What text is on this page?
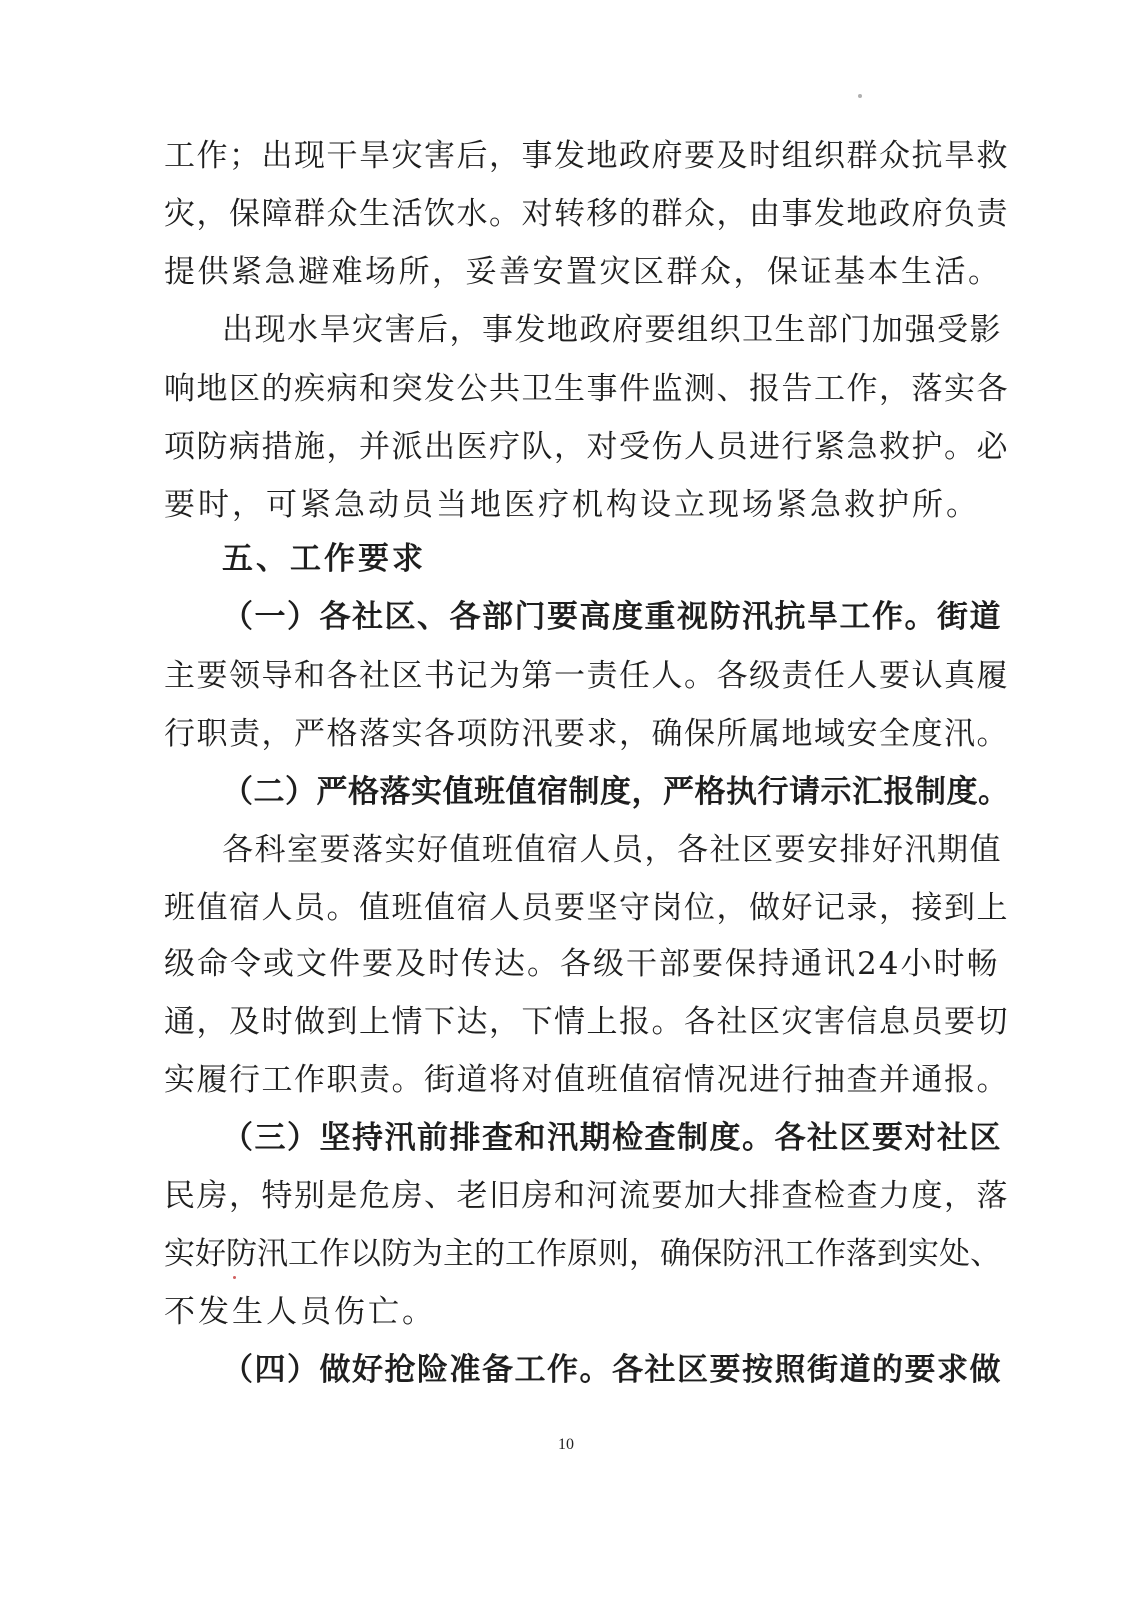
工作；出现干旱灾害后，事发地政府要及时组织群众抗旱救
灾，保障群众生活饮水。对转移的群众，由事发地政府负责
提供紧急避难场所，妥善安置灾区群众，保证基本生活。
出现水旱灾害后，事发地政府要组织卫生部门加强受影
响地区的疾病和突发公共卫生事件监测、报告工作，落实各
项防病措施，并派出医疗队，对受伤人员进行紧急救护。必
要时，可紧急动员当地医疗机构设立现场紧急救护所。
五、工作要求
（一）各社区、各部门要高度重视防汛抗旱工作。街道
主要领导和各社区书记为第一责任人。各级责任人要认真履
行职责，严格落实各项防汛要求，确保所属地域安全度汛。
（二）严格落实值班值宿制度，严格执行请示汇报制度。
各科室要落实好值班值宿人员，各社区要安排好汛期值
班值宿人员。值班值宿人员要坚守岗位，做好记录，接到上
级命令或文件要及时传达。各级干部要保持通讯24小时畅
通，及时做到上情下达，下情上报。各社区灾害信息员要切
实履行工作职责。街道将对值班值宿情况进行抽查并通报。
（三）坚持汛前排查和汛期检查制度。各社区要对社区
民房，特别是危房、老旧房和河流要加大排查检查力度，落
实好防汛工作以防为主的工作原则，确保防汛工作落到实处、
不发生人员伤亡。
（四）做好抢险准备工作。各社区要按照街道的要求做
10
